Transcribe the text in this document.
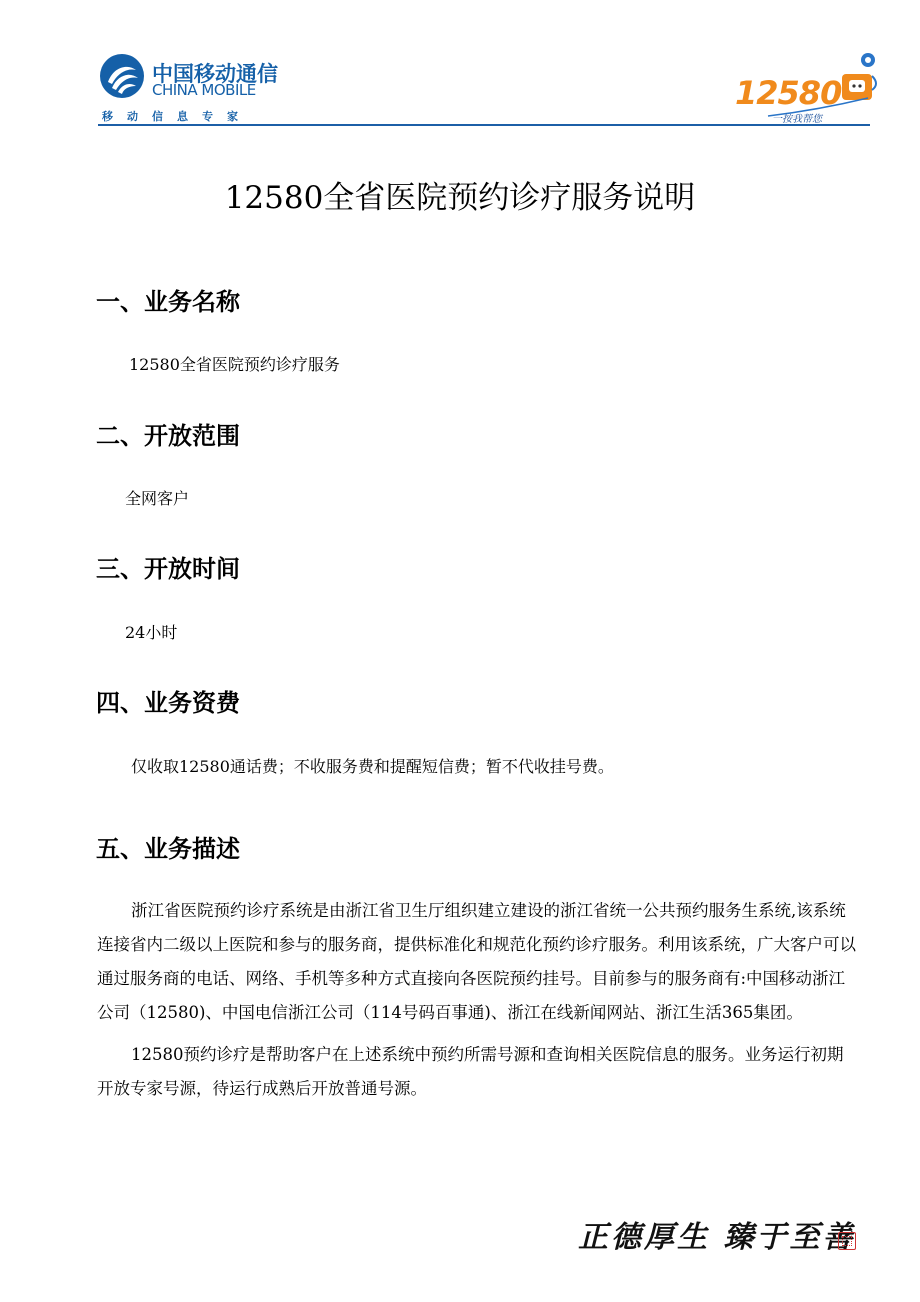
中国移动通信
CHINA MOBILE
移动信息专家
12580
一按我帮您
12580全省医院预约诊疗服务说明
一、业务名称
12580全省医院预约诊疗服务
二、开放范围
全网客户
三、开放时间
24小时
四、业务资费
仅收取12580通话费；不收服务费和提醒短信费；暂不代收挂号费。
五、业务描述

浙江省医院预约诊疗系统是由浙江省卫生厅组织建立建设的浙江省统一公共预约服务生系统,该系统连接省内二级以上医院和参与的服务商，提供标准化和规范化预约诊疗服务。利用该系统，广大客户可以通过服务商的电话、网络、手机等多种方式直接向各医院预约挂号。目前参与的服务商有:中国移动浙江公司（12580)、中国电信浙江公司（114号码百事通)、浙江在线新闻网站、浙江生活365集团。

12580预约诊疗是帮助客户在上述系统中预约所需号源和查询相关医院信息的服务。业务运行初期开放专家号源，待运行成熟后开放普通号源。

正德厚生 臻于至善
